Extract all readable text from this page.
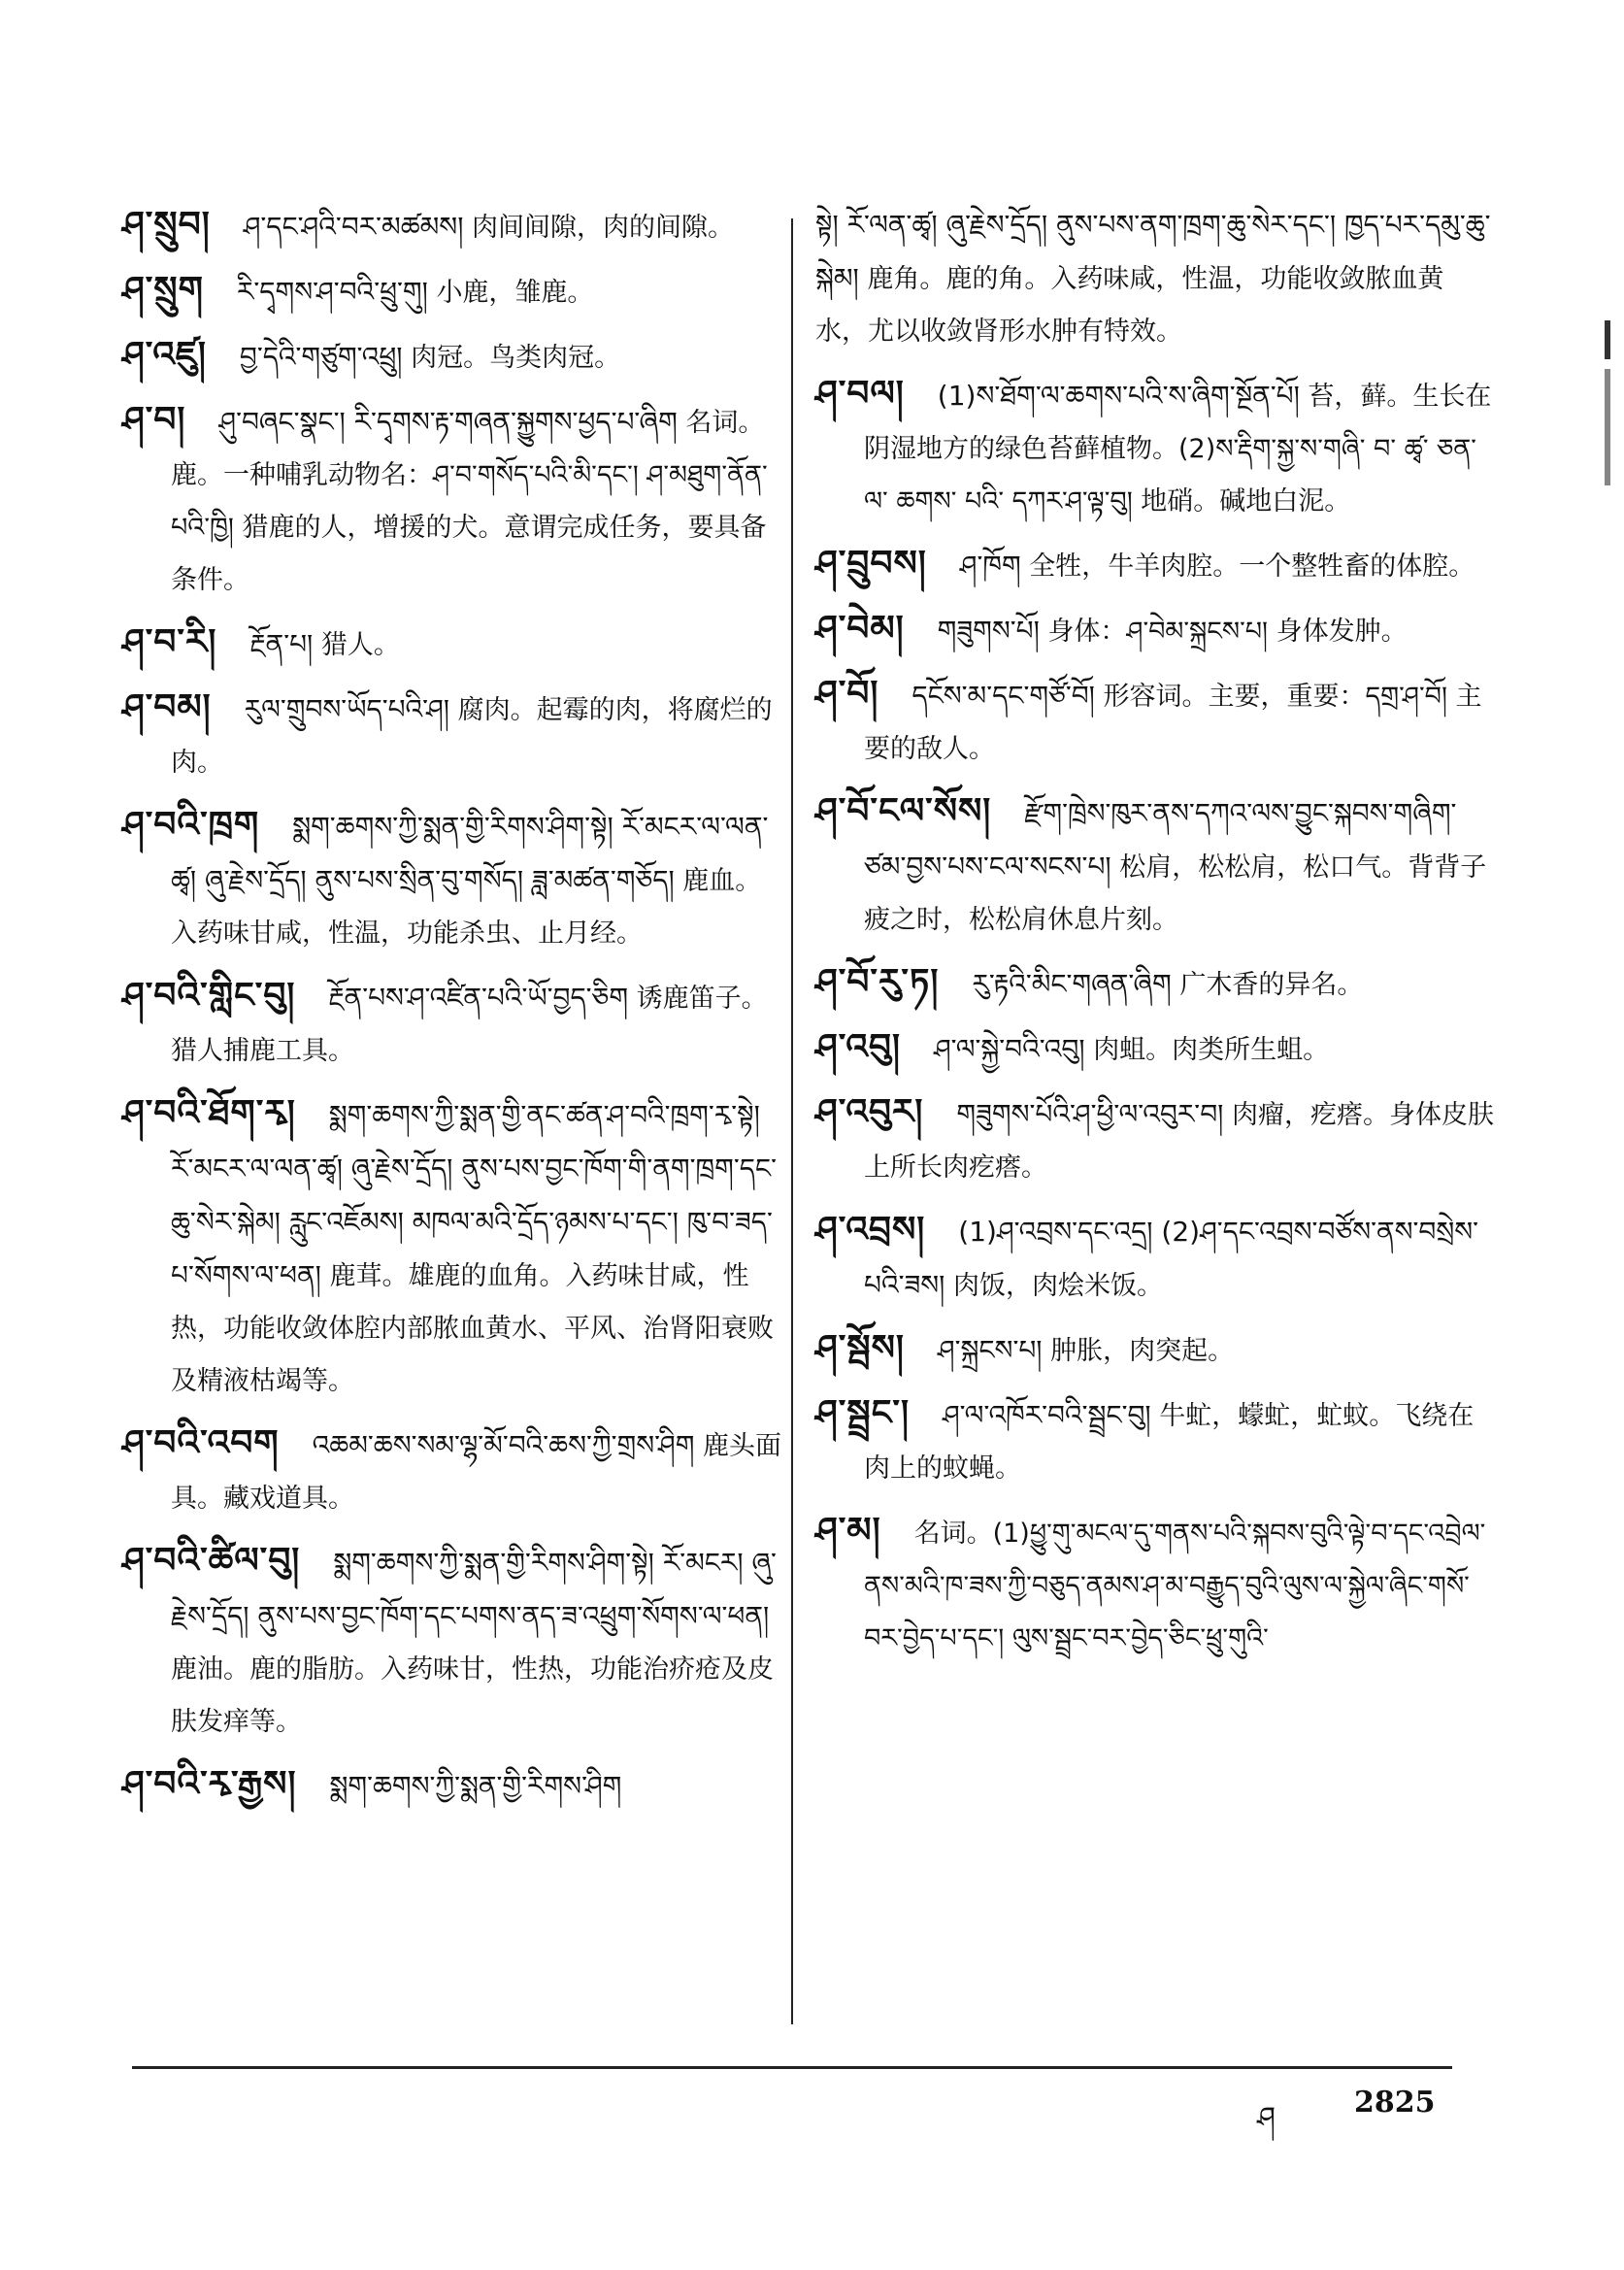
ཤ་སྲུབ། ཤ་དང་ཤའི་བར་མཚམས། 肉间间隙，肉的间隙。
ཤ་སྲུག རི་དྭགས་ཤ་བའི་ཕྲུ་གུ། 小鹿，雏鹿。
ཤ་འཛུ། བྱ་དེའི་གཙུག་འཕྲུ། 肉冠。鸟类肉冠。
ཤ་བ། ཤུ་བཞང་སྣང་། རི་དྭགས་རྟ་གཞན་སྐྱུགས་ཕྱད་པ་ཞིག 名词。鹿。一种哺乳动物名：ཤ་བ་གསོད་པའི་མི་དང་། ཤ་མཐུག་ནོན་པའི་ཁྱི། 猎鹿的人，增援的犬。意谓完成任务，要具备条件。
ཤ་བ་རི། རྔོན་པ། 猎人。
ཤ་བམ། རུལ་གྲུབས་ཡོད་པའི་ཤ། 腐肉。起霉的肉，将腐烂的肉。
ཤ་བའི་ཁྲག སྨག་ཆགས་ཀྱི་སྨན་གྱི་རིགས་ཤིག་སྟེ། རོ་མངར་ལ་ལན་ཚྭ། ཞུ་རྗེས་དྲོད། ནུས་པས་སྲིན་བུ་གསོད། ཟླ་མཚན་གཅོད། 鹿血。入药味甘咸，性温，功能杀虫、止月经。
ཤ་བའི་གླིང་བུ། རྔོན་པས་ཤ་འཛིན་པའི་ཡོ་བྱད་ཅིག 诱鹿笛子。猎人捕鹿工具。
ཤ་བའི་ཐོག་རྭ། སྨག་ཆགས་ཀྱི་སྨན་གྱི་ནང་ཚན་ཤ་བའི་ཁྲག་རྭ་སྟེ། རོ་མངར་ལ་ལན་ཚྭ། ཞུ་རྗེས་དྲོད། ནུས་པས་བྱང་ཁོག་གི་ནག་ཁྲག་དང་ཆུ་སེར་སྐེམ། རླུང་འཇོམས། མཁལ་མའི་དྲོད་ཉམས་པ་དང་། ཁུ་བ་ཟད་པ་སོགས་ལ་ཕན། 鹿茸。雄鹿的血角。入药味甘咸，性热，功能收敛体腔内部脓血黄水、平风、治肾阳衰败及精液枯竭等。
ཤ་བའི་འབག འཆམ་ཆས་སམ་ལྷ་མོ་བའི་ཆས་ཀྱི་གྲས་ཤིག 鹿头面具。藏戏道具。
ཤ་བའི་ཚིལ་བུ། སྨག་ཆགས་ཀྱི་སྨན་གྱི་རིགས་ཤིག་སྟེ། རོ་མངར། ཞུ་རྗེས་དྲོད། ནུས་པས་བྱང་ཁོག་དང་པགས་ནད་ཟ་འཕྲུག་སོགས་ལ་ཕན། 鹿油。鹿的脂肪。入药味甘，性热，功能治疥疮及皮肤发痒等。
ཤ་བའི་རྭ་རྒྱས། སྨག་ཆགས་ཀྱི་སྨན་གྱི་རིགས་ཤིག
སྟེ། རོ་ལན་ཚྭ། ཞུ་རྗེས་དྲོད། ནུས་པས་ནག་ཁྲག་ཆུ་སེར་དང་། ཁྱད་པར་དམུ་ཆུ་སྐེམ། 鹿角。鹿的角。入药味咸，性温，功能收敛脓血黄水，尤以收敛肾形水肿有特效。
ཤ་བལ། (1)ས་ཐོག་ལ་ཆགས་པའི་ས་ཞིག་སྔོན་པོ། 苔，藓。生长在阴湿地方的绿色苔藓植物。(2)ས་རྡིག་སྐྱ་ས་གཞི་ བ་ ཚྭ་ ཅན་ ལ་ ཆགས་ པའི་ དཀར་ཤ་ལྟ་བུ། 地硝。碱地白泥。
ཤ་བྲུབས། ཤ་ཁོག 全牲，牛羊肉腔。一个整牲畜的体腔。
ཤ་བེམ། གཟུགས་པོ། 身体：ཤ་བེམ་སྐྲངས་པ། 身体发肿。
ཤ་བོ། དངོས་མ་དང་གཙོ་བོ། 形容词。主要，重要：དགྲ་ཤ་བོ། 主要的敌人。
ཤ་བོ་ངལ་སོས། རྫོག་ཁྲེས་ཁུར་ནས་དཀའ་ལས་བྱུང་སྐབས་གཞིག་ཙམ་བྱས་པས་ངལ་སངས་པ། 松肩，松松肩，松口气。背背子疲之时，松松肩休息片刻。
ཤ་བོ་རུ་ཏ། རུ་རྟའི་མིང་གཞན་ཞིག 广木香的异名。
ཤ་འབུ། ཤ་ལ་སྐྱེ་བའི་འབུ། 肉蛆。肉类所生蛆。
ཤ་འབུར། གཟུགས་པོའི་ཤ་ཕྱི་ལ་འབུར་བ། 肉瘤，疙瘩。身体皮肤上所长肉疙瘩。
ཤ་འབྲས། (1)ཤ་འབྲས་དང་འདྲ། (2)ཤ་དང་འབྲས་བཙོས་ནས་བསྲེས་པའི་ཟས། 肉饭，肉烩米饭。
ཤ་སྦོས། ཤ་སྐྲངས་པ། 肿胀，肉突起。
ཤ་སྦྲང་། ཤ་ལ་འཁོར་བའི་སྦྲང་བུ། 牛虻，蠓虻，虻蚊。飞绕在肉上的蚊蝇。
ཤ་མ། 名词。(1)ཕྱུ་གུ་མངལ་དུ་གནས་པའི་སྐབས་བུའི་ལྟེ་བ་དང་འབྲེལ་ནས་མའི་ཁ་ཟས་ཀྱི་བཅུད་ནམས་ཤ་མ་བརྒྱུད་བུའི་ལུས་ལ་སྐྱེལ་ཞིང་གསོ་བར་བྱེད་པ་དང་། ལུས་སྦྲང་བར་བྱེད་ཅིང་ཕྲུ་གུའི་
ཤ	2825
